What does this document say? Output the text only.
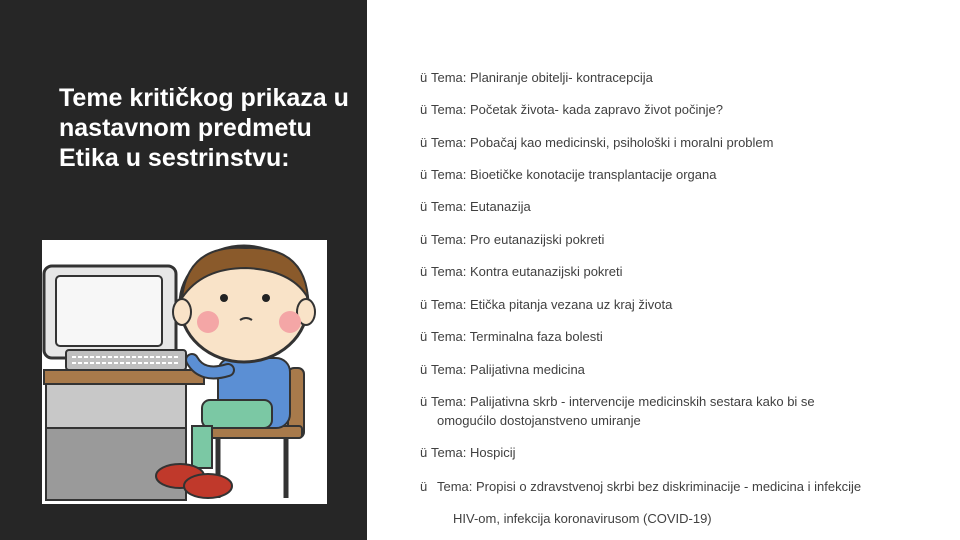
Teme kritičkog prikaza u nastavnom predmetu Etika u sestrinstvu:
ü Tema: Planiranje obitelji- kontracepcija
ü Tema: Početak života- kada zapravo život počinje?
ü Tema: Pobačaj kao medicinski, psihološki i moralni problem
ü Tema: Bioetičke konotacije transplantacije organa
ü Tema: Eutanazija
ü Tema: Pro eutanazijski pokreti
ü Tema: Kontra eutanazijski pokreti
ü Tema: Etička pitanja vezana uz kraj života
ü Tema: Terminalna faza bolesti
ü Tema: Palijativna medicina
ü Tema: Palijativna skrb - intervencije medicinskih sestara kako bi se
omogućilo dostojanstveno umiranje
ü Tema: Hospicij
ü Tema: Propisi o zdravstvenoj skrbi bez diskriminacije - medicina i infekcije
HIV-om, infekcija koronavirusom (COVID-19)
